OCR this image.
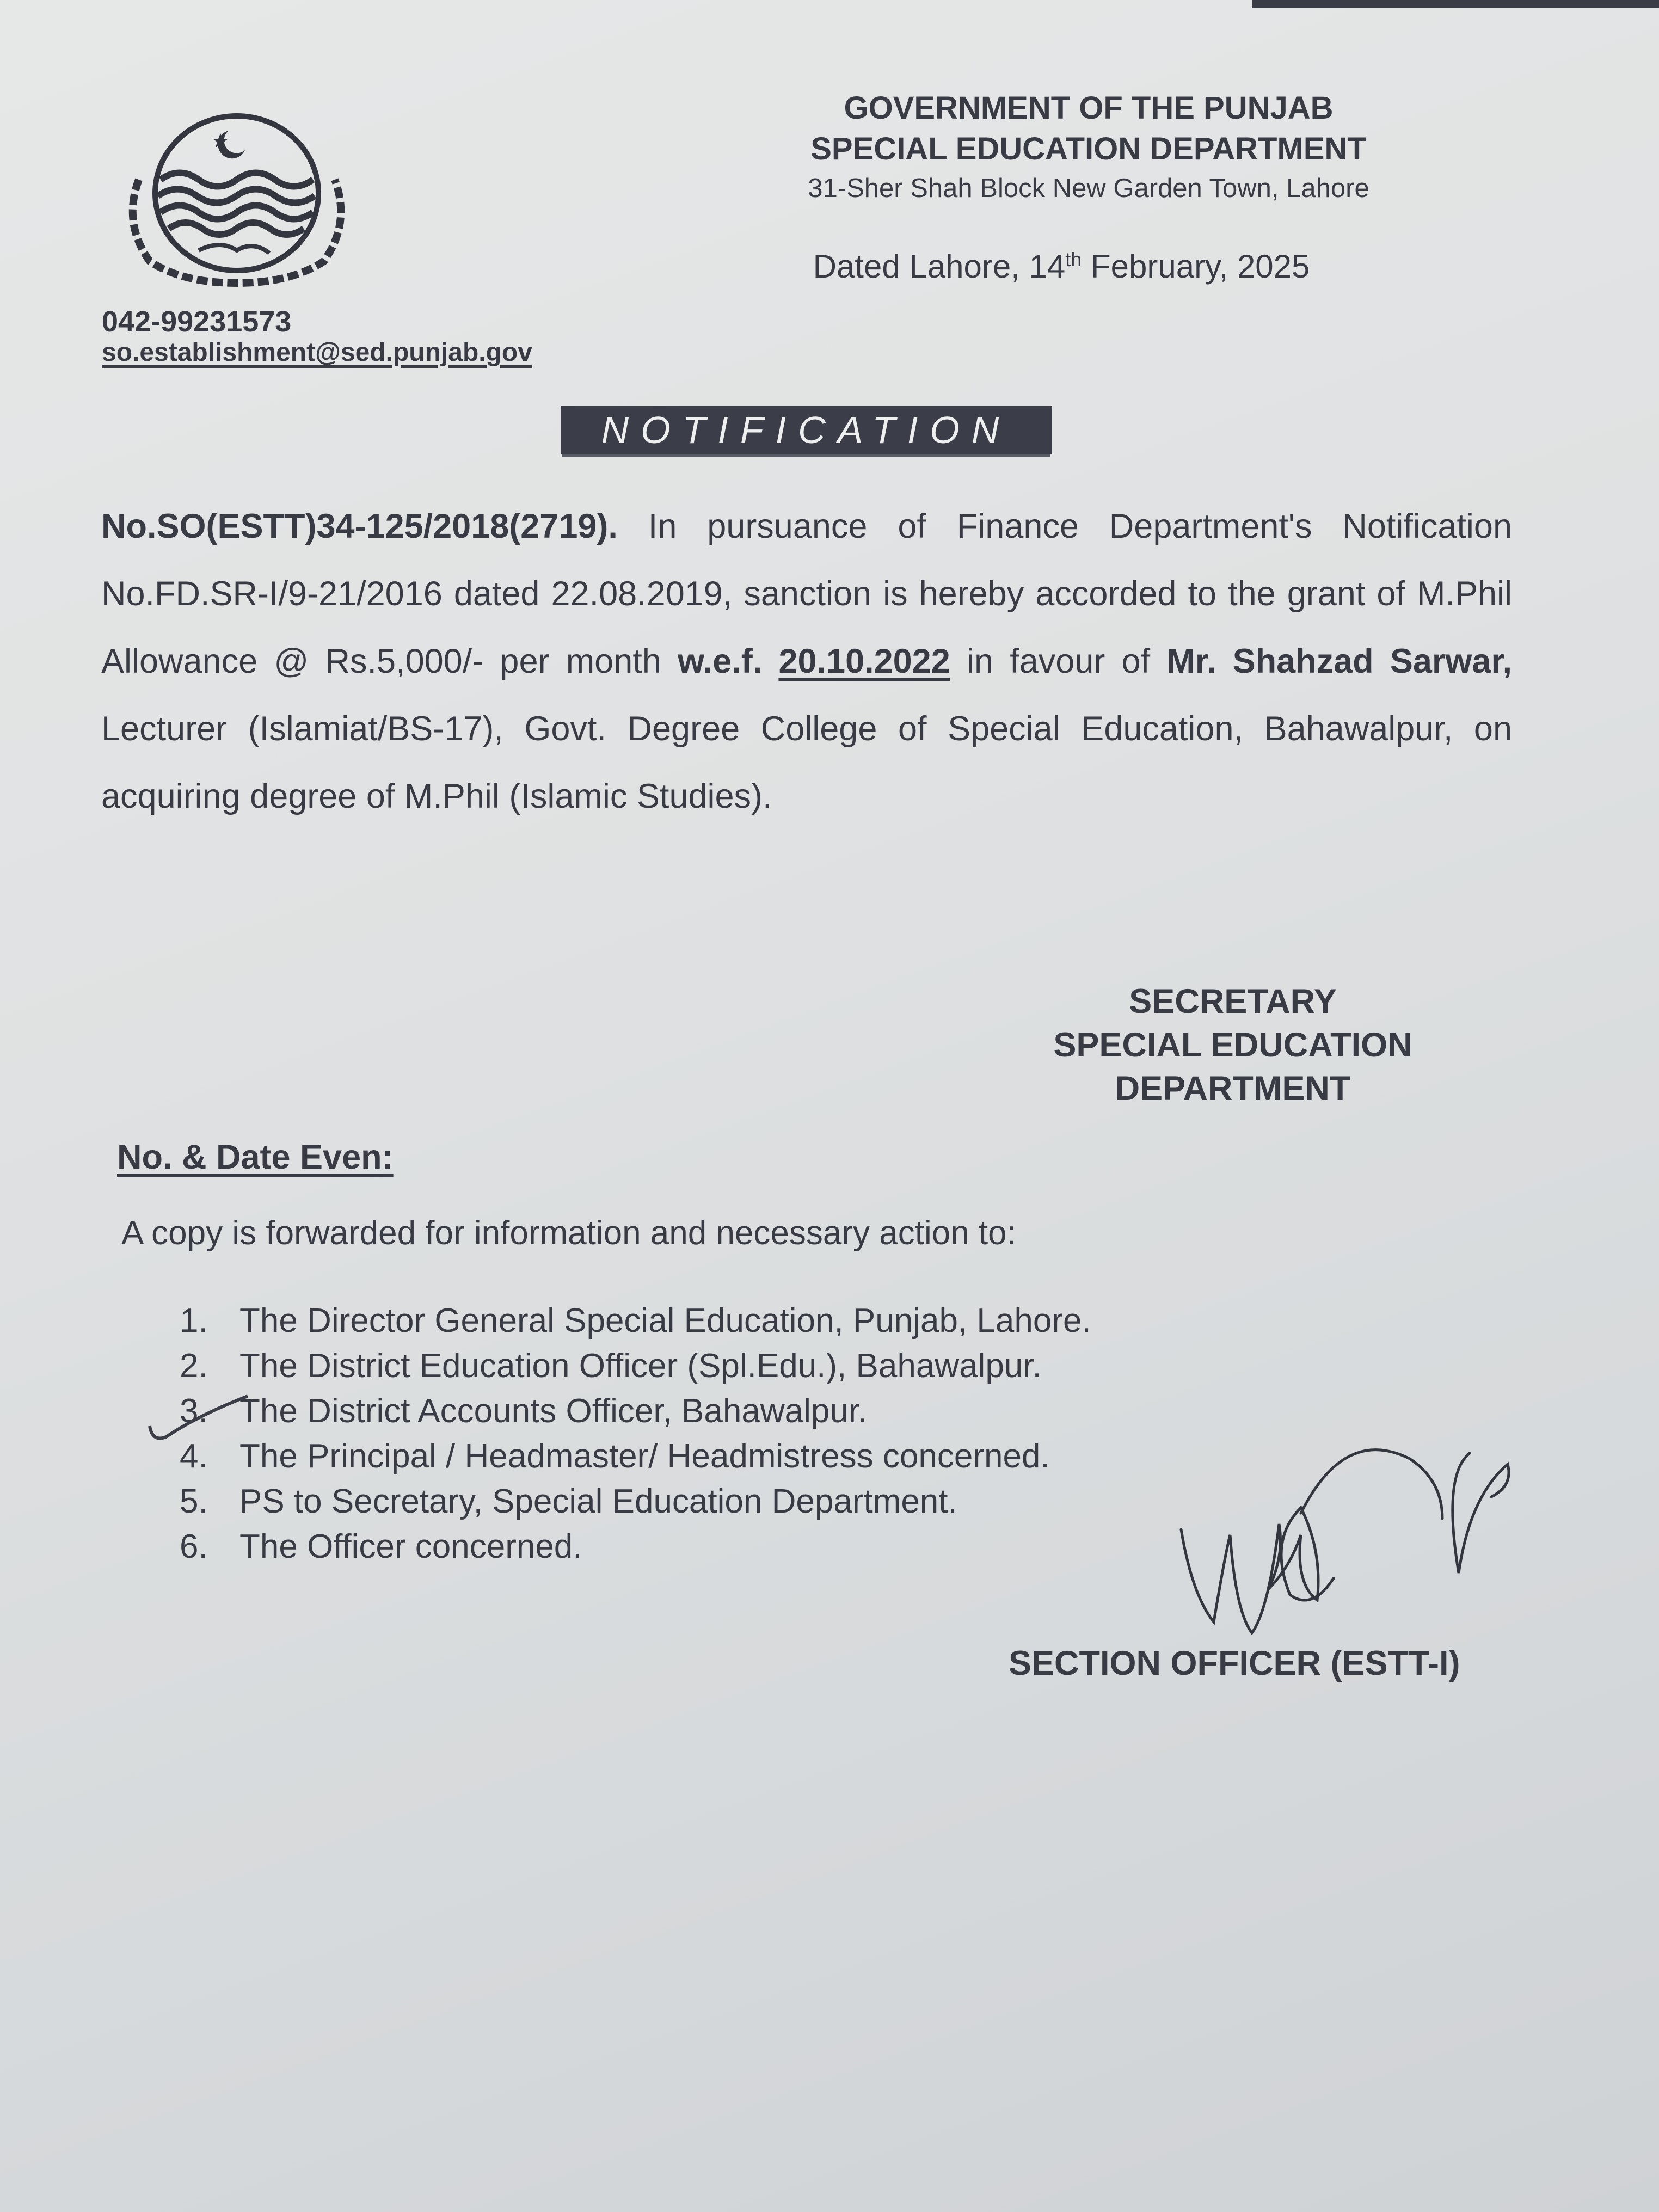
GOVERNMENT OF THE PUNJAB
SPECIAL EDUCATION DEPARTMENT
31-Sher Shah Block New Garden Town, Lahore
Dated Lahore, 14th February, 2025
042-99231573
so.establishment@sed.punjab.gov
NOTIFICATION
No.SO(ESTT)34-125/2018(2719). In pursuance of Finance Department's Notification No.FD.SR-I/9-21/2016 dated 22.08.2019, sanction is hereby accorded to the grant of M.Phil Allowance @ Rs.5,000/- per month w.e.f. 20.10.2022 in favour of Mr. Shahzad Sarwar, Lecturer (Islamiat/BS-17), Govt. Degree College of Special Education, Bahawalpur, on acquiring degree of M.Phil (Islamic Studies).
SECRETARY
SPECIAL EDUCATION
DEPARTMENT
No. & Date Even:
A copy is forwarded for information and necessary action to:
1. The Director General Special Education, Punjab, Lahore.
2. The District Education Officer (Spl.Edu.), Bahawalpur.
3. The District Accounts Officer, Bahawalpur.
4. The Principal / Headmaster/ Headmistress concerned.
5. PS to Secretary, Special Education Department.
6. The Officer concerned.
SECTION OFFICER (ESTT-I)
